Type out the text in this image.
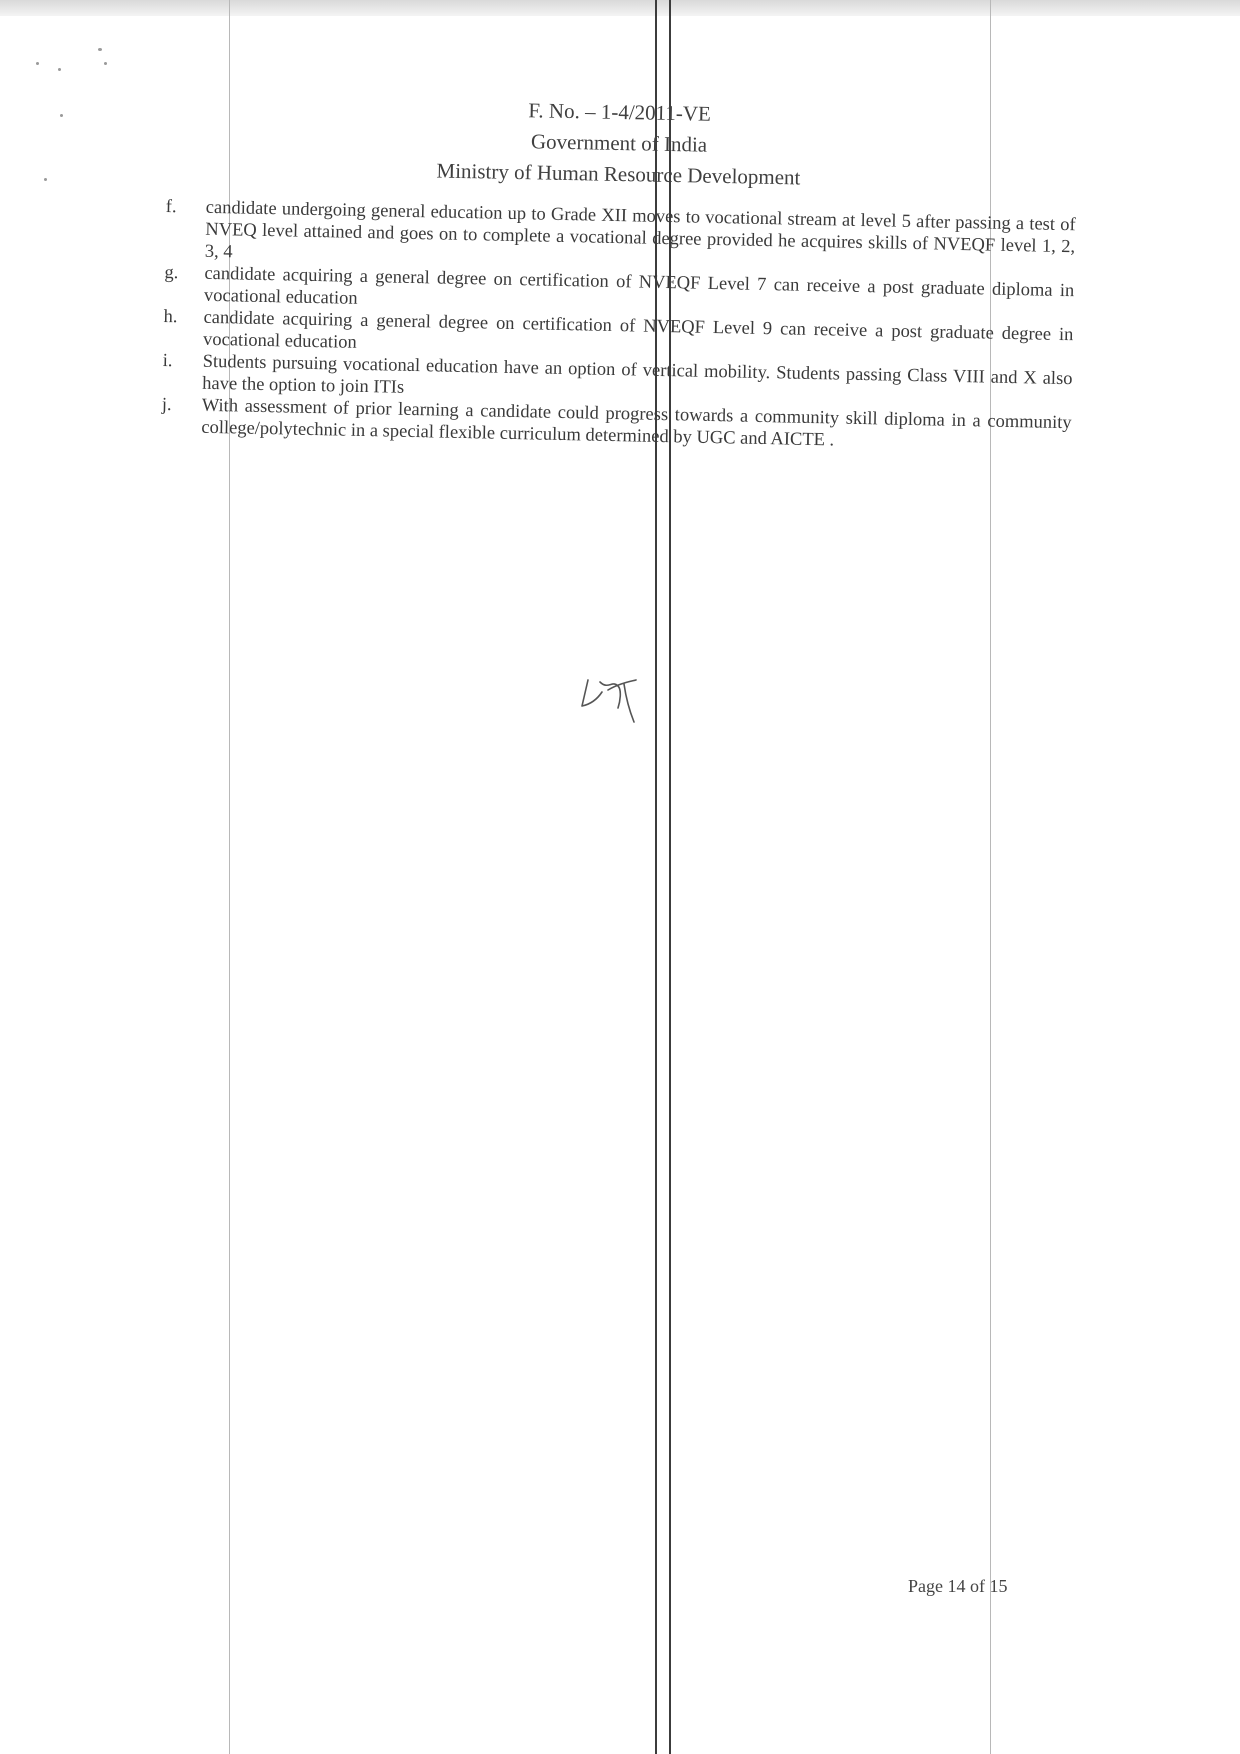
F. No. – 1-4/2011-VE
Government of India
Ministry of Human Resource Development
f.	candidate undergoing general education up to Grade XII moves to vocational stream at level 5 after passing a test of NVEQ level attained and goes on to complete a vocational degree provided he acquires skills of NVEQF level 1, 2, 3, 4
g.	candidate acquiring a general degree on certification of NVEQF Level 7 can receive a post graduate diploma in vocational education
h.	candidate acquiring a general degree on certification of NVEQF Level 9 can receive a post graduate degree in vocational education
i.	Students pursuing vocational education have an option of vertical mobility. Students passing Class VIII and X also have the option to join ITIs
j.	With assessment of prior learning a candidate could progress towards a community skill diploma in a community college/polytechnic in a special flexible curriculum determined by UGC and AICTE .
Page 14 of 15
